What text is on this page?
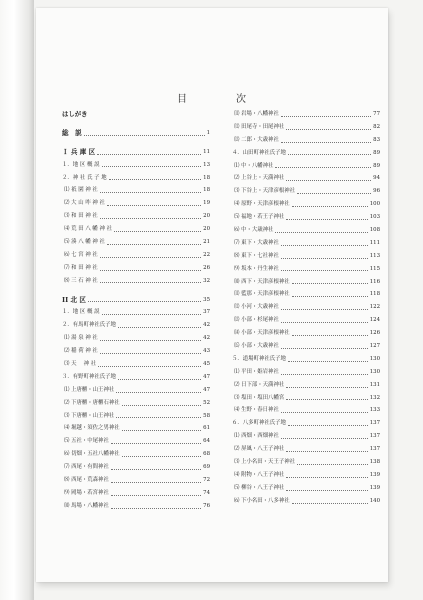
目	次
はしがき
総　説	1
Ｉ 兵 庫 区	11
１．地 区 概 説	13
２．神 社 氏 子 地	18
⑴ 祇 園 神 社	18
⑵ 大 山 咋 神 社	19
⑶ 和 田 神 社	20
⑷ 荒 田 八 幡 神 社	20
⑸ 湊 八 幡 神 社	21
⑹ 七 宮 神 社	22
⑺ 和 田 神 社	26
⑻ 三 石 神 社	32
II 北 区	35
１．地 区 概 説	37
２．有馬町神社氏子地	42
⑴ 湯 泉 神 社	42
⑵ 稲 荷 神 社	43
⑶ 天　 神 社	45
３．有野町神社氏子地	47
⑴ 上唐櫃・山王神社	47
⑵ 下唐櫃・唐櫃石神社	52
⑶ 下唐櫃・山王神社	58
⑷ 堀越・須佐之男神社	61
⑸ 五社・中尾神社	64
⑹ 切畑・五社八幡神社	68
⑺ 西尾・有間神社	69
⑻ 西尾・荒森神社	72
⑼ 岡場・若宮神社	74
⑽ 馬場・八幡神社	76
⑾ 岩場・八幡神社	77
⑿ 田尾寺・田尾神社	82
⒀ 二郎・大歳神社	83
４．山田町神社氏子地	89
⑴ 中・八幡神社	89
⑵ 上谷上・天満神社	94
⑶ 下谷上・天津彦根神社	96
⑷ 原野・天津彦根神社	100
⑸ 福地・若王子神社	103
⑹ 中・大歳神社	108
⑺ 東下・大歳神社	111
⑻ 東下・七社神社	113
⑼ 坂本・丹生神社	115
⑽ 西下・天津彦根神社	116
⑾ 藍那・天津彦根神社	118
⑿ 小河・大歳神社	122
⒀ 小部・杉尾神社	124
⒁ 小部・天津彦根神社	126
⒂ 小部・大歳神社	127
５．道場町神社氏子地	130
⑴ 平田・姫岩神社	130
⑵ 日下部・天満神社	131
⑶ 塩田・塩田八幡宮	132
⑷ 生野・春日神社	133
６．八多町神社氏子地	137
⑴ 西畑・西畑神社	137
⑵ 屏風・八王子神社	137
⑶ 上小名田・天王子神社	138
⑷ 附物・八王子神社	139
⑸ 柳谷・八王子神社	139
⑹ 下小名田・八多神社	140
